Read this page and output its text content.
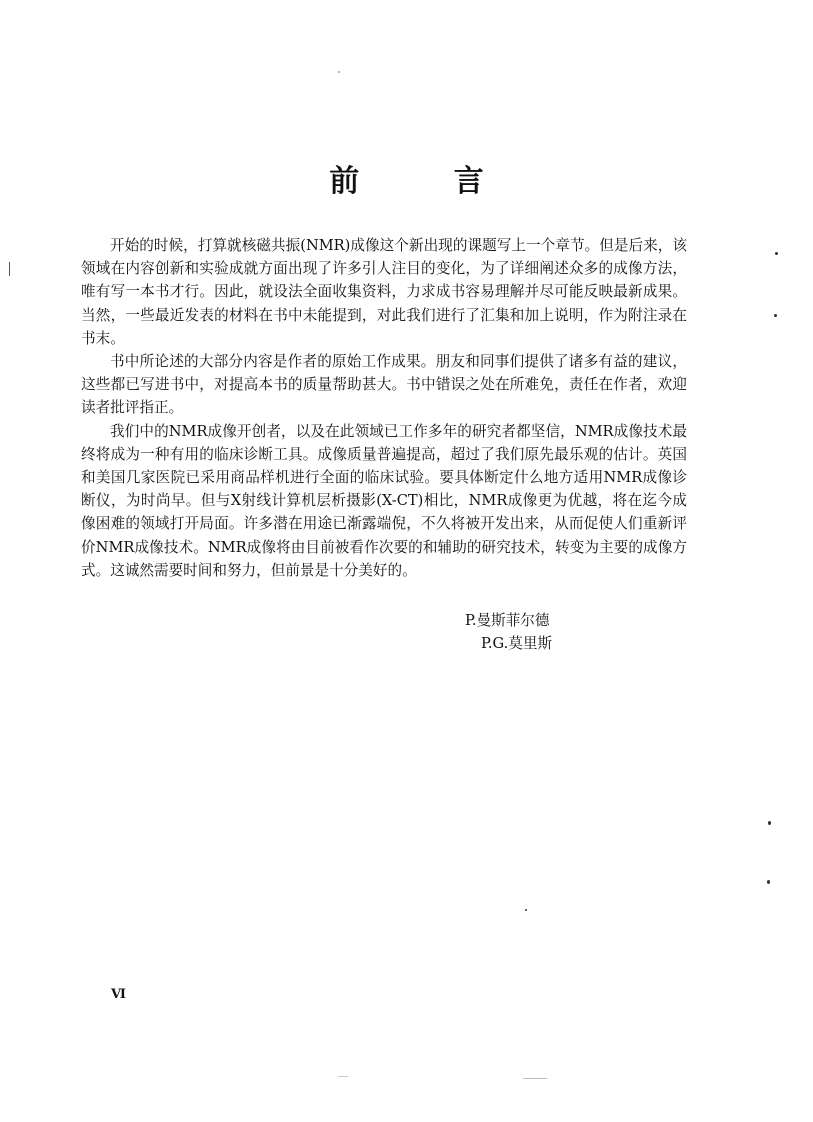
前 言

开始的时候，打算就核磁共振(NMR)成像这个新出现的课题写上一个章节。但是后来，该领域在内容创新和实验成就方面出现了许多引人注目的变化，为了详细阐述众多的成像方法，唯有写一本书才行。因此，就设法全面收集资料，力求成书容易理解并尽可能反映最新成果。当然，一些最近发表的材料在书中未能提到，对此我们进行了汇集和加上说明，作为附注录在书末。

书中所论述的大部分内容是作者的原始工作成果。朋友和同事们提供了诸多有益的建议，这些都已写进书中，对提高本书的质量帮助甚大。书中错误之处在所难免，责任在作者，欢迎读者批评指正。

我们中的NMR成像开创者，以及在此领域已工作多年的研究者都坚信，NMR成像技术最终将成为一种有用的临床诊断工具。成像质量普遍提高，超过了我们原先最乐观的估计。英国和美国几家医院已采用商品样机进行全面的临床试验。要具体断定什么地方适用NMR成像诊断仪，为时尚早。但与X射线计算机层析摄影(X-CT)相比，NMR成像更为优越，将在迄今成像困难的领域打开局面。许多潜在用途已渐露端倪，不久将被开发出来，从而促使人们重新评价NMR成像技术。NMR成像将由目前被看作次要的和辅助的研究技术，转变为主要的成像方式。这诚然需要时间和努力，但前景是十分美好的。

P.曼斯菲尔德
P.G.莫里斯
Ⅵ
